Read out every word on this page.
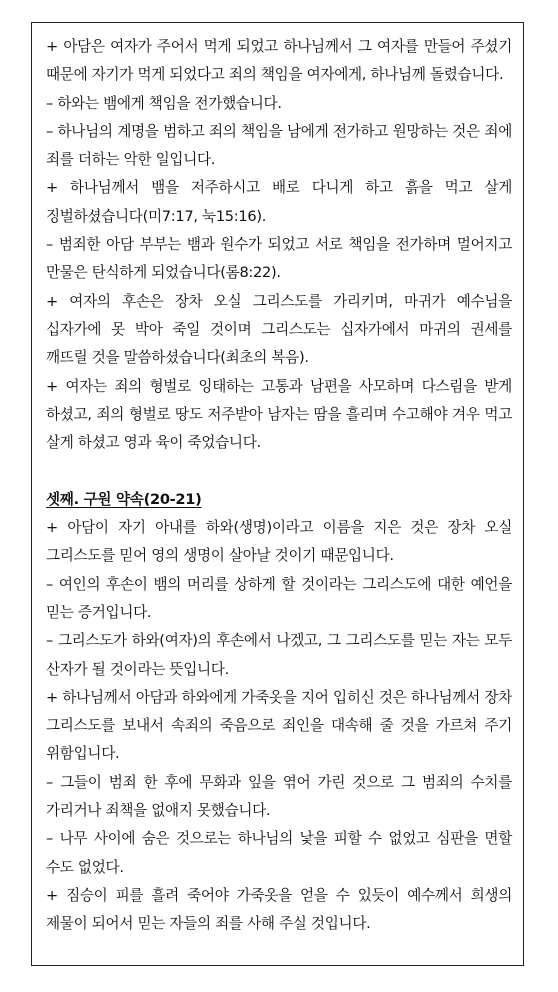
+ 아담은 여자가 주어서 먹게 되었고 하나님께서 그 여자를 만들어 주셨기 때문에 자기가 먹게 되었다고 죄의 책임을 여자에게, 하나님께 돌렸습니다.

– 하와는 뱀에게 책임을 전가했습니다.

– 하나님의 계명을 범하고 죄의 책임을 남에게 전가하고 원망하는 것은 죄에 죄를 더하는 악한 일입니다.

+ 하나님께서 뱀을 저주하시고 배로 다니게 하고 흙을 먹고 살게 징벌하셨습니다(미7:17, 눅15:16).

– 범죄한 아담 부부는 뱀과 원수가 되었고 서로 책임을 전가하며 멀어지고 만물은 탄식하게 되었습니다(롬8:22).

+ 여자의 후손은 장차 오실 그리스도를 가리키며, 마귀가 예수님을 십자가에 못 박아 죽일 것이며 그리스도는 십자가에서 마귀의 권세를 깨뜨릴 것을 말씀하셨습니다(최초의 복음).

+ 여자는 죄의 형벌로 잉태하는 고통과 남편을 사모하며 다스림을 받게 하셨고, 죄의 형벌로 땅도 저주받아 남자는 땀을 흘리며 수고해야 겨우 먹고 살게 하셨고 영과 육이 죽었습니다.

셋째. 구원 약속(20-21)

+ 아담이 자기 아내를 하와(생명)이라고 이름을 지은 것은 장차 오실 그리스도를 믿어 영의 생명이 살아날 것이기 때문입니다.

– 여인의 후손이 뱀의 머리를 상하게 할 것이라는 그리스도에 대한 예언을 믿는 증거입니다.

– 그리스도가 하와(여자)의 후손에서 나겠고, 그 그리스도를 믿는 자는 모두 산자가 될 것이라는 뜻입니다.

+ 하나님께서 아담과 하와에게 가죽옷을 지어 입히신 것은 하나님께서 장차 그리스도를 보내서 속죄의 죽음으로 죄인을 대속해 줄 것을 가르쳐 주기 위함입니다.

– 그들이 범죄 한 후에 무화과 잎을 엮어 가린 것으로 그 범죄의 수치를 가리거나 죄책을 없애지 못했습니다.

– 나무 사이에 숨은 것으로는 하나님의 낯을 피할 수 없었고 심판을 면할 수도 없었다.

+ 짐승이 피를 흘려 죽어야 가죽옷을 얻을 수 있듯이 예수께서 희생의 제물이 되어서 믿는 자들의 죄를 사해 주실 것입니다.
